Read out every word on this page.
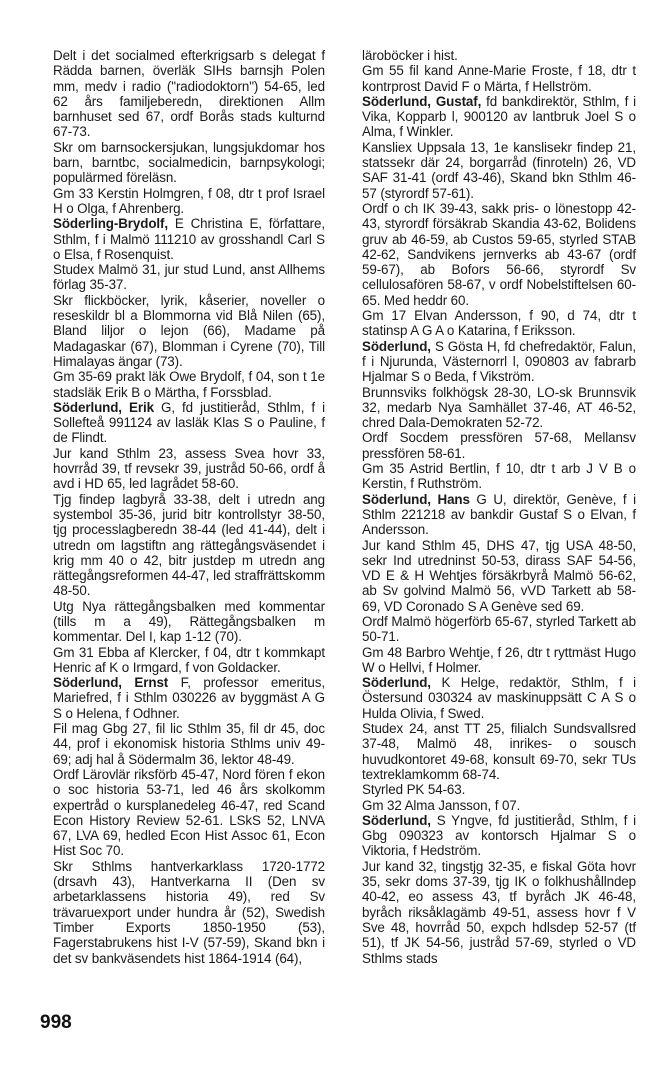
Delt i det socialmed efterkrigsarb s delegat f Rädda barnen, överläk SIHs barnsjh Polen mm, medv i radio ("radiodoktorn") 54-65, led 62 års familjeberedn, direktionen Allm barnhuset sed 67, ordf Borås stads kulturnd 67-73.

Skr om barnsockersjukan, lungsjukdomar hos barn, barntbc, socialmedicin, barnpsykologi; populärmed föreläsn.

Gm 33 Kerstin Holmgren, f 08, dtr t prof Israel H o Olga, f Ahrenberg.

Söderling-Brydolf, E Christina E, författare, Sthlm, f i Malmö 111210 av grosshandl Carl S o Elsa, f Rosenquist.

Studex Malmö 31, jur stud Lund, anst Allhems förlag 35-37.

Skr flickböcker, lyrik, kåserier, noveller o reseskildr bl a Blommorna vid Blå Nilen (65), Bland liljor o lejon (66), Madame på Madagaskar (67), Blomman i Cyrene (70), Till Himalayas ängar (73).

Gm 35-69 prakt läk Owe Brydolf, f 04, son t 1e stadsläk Erik B o Märtha, f Forssblad.

Söderlund, Erik G, fd justitieråd, Sthlm, f i Sollefteå 991124 av lasläk Klas S o Pauline, f de Flindt.

Jur kand Sthlm 23, assess Svea hovr 33, hovrråd 39, tf revsekr 39, justråd 50-66, ordf å avd i HD 65, led lagrådet 58-60.

Tjg findep lagbyrå 33-38, delt i utredn ang systembol 35-36, jurid bitr kontrollstyr 38-50, tjg processlagberedn 38-44 (led 41-44), delt i utredn om lagstiftn ang rättegångsväsendet i krig mm 40 o 42, bitr justdep m utredn ang rättegångsreformen 44-47, led straffrättskomm 48-50.

Utg Nya rättegångsbalken med kommentar (tills m a 49), Rättegångsbalken m kommentar. Del I, kap 1-12 (70).

Gm 31 Ebba af Klercker, f 04, dtr t kommkapt Henric af K o Irmgard, f von Goldacker.

Söderlund, Ernst F, professor emeritus, Mariefred, f i Sthlm 030226 av byggmäst A G S o Helena, f Odhner.

Fil mag Gbg 27, fil lic Sthlm 35, fil dr 45, doc 44, prof i ekonomisk historia Sthlms univ 49-69; adj hal å Södermalm 36, lektor 48-49.

Ordf Lärovlär riksförb 45-47, Nord fören f ekon o soc historia 53-71, led 46 års skolkomm expertråd o kursplanedeleg 46-47, red Scand Econ History Review 52-61. LSkS 52, LNVA 67, LVA 69, hedled Econ Hist Assoc 61, Econ Hist Soc 70.

Skr Sthlms hantverkarklass 1720-1772 (drsavh 43), Hantverkarna II (Den sv arbetarklassens historia 49), red Sv trävaruexport under hundra år (52), Swedish Timber Exports 1850-1950 (53), Fagerstabrukens hist I-V (57-59), Skand bkn i det sv bankväsendets hist 1864-1914 (64),

läroböcker i hist.

Gm 55 fil kand Anne-Marie Froste, f 18, dtr t kontrprost David F o Märta, f Hellström.

Söderlund, Gustaf, fd bankdirektör, Sthlm, f i Vika, Kopparb l, 900120 av lantbruk Joel S o Alma, f Winkler.

Kansliex Uppsala 13, 1e kanslisekr findep 21, statssekr där 24, borgarråd (finroteln) 26, VD SAF 31-41 (ordf 43-46), Skand bkn Sthlm 46-57 (styrordf 57-61).

Ordf o ch IK 39-43, sakk pris- o lönestopp 42-43, styrordf försäkrab Skandia 43-62, Bolidens gruv ab 46-59, ab Custos 59-65, styrled STAB 42-62, Sandvikens jernverks ab 43-67 (ordf 59-67), ab Bofors 56-66, styrordf Sv cellulosafören 58-67, v ordf Nobelstiftelsen 60-65. Med heddr 60.

Gm 17 Elvan Andersson, f 90, d 74, dtr t statinsp A G A o Katarina, f Eriksson.

Söderlund, S Gösta H, fd chefredaktör, Falun, f i Njurunda, Västernorrl l, 090803 av fabrarb Hjalmar S o Beda, f Vikström.

Brunnsviks folkhögsk 28-30, LO-sk Brunnsvik 32, medarb Nya Samhället 37-46, AT 46-52, chred Dala-Demokraten 52-72.

Ordf Socdem pressfören 57-68, Mellansv pressfören 58-61.

Gm 35 Astrid Bertlin, f 10, dtr t arb J V B o Kerstin, f Ruthström.

Söderlund, Hans G U, direktör, Genève, f i Sthlm 221218 av bankdir Gustaf S o Elvan, f Andersson.

Jur kand Sthlm 45, DHS 47, tjg USA 48-50, sekr Ind utredninst 50-53, dirass SAF 54-56, VD E & H Wehtjes försäkrbyrå Malmö 56-62, ab Sv golvind Malmö 56, vVD Tarkett ab 58-69, VD Coronado S A Genève sed 69.

Ordf Malmö högerförb 65-67, styrled Tarkett ab 50-71.

Gm 48 Barbro Wehtje, f 26, dtr t ryttmäst Hugo W o Hellvi, f Holmer.

Söderlund, K Helge, redaktör, Sthlm, f i Östersund 030324 av maskinuppsätt C A S o Hulda Olivia, f Swed.

Studex 24, anst TT 25, filialch Sundsvallsred 37-48, Malmö 48, inrikes- o sousch huvudkontoret 49-68, konsult 69-70, sekr TUs textreklamkomm 68-74.

Styrled PK 54-63.

Gm 32 Alma Jansson, f 07.

Söderlund, S Yngve, fd justitieråd, Sthlm, f i Gbg 090323 av kontorsch Hjalmar S o Viktoria, f Hedström.

Jur kand 32, tingstjg 32-35, e fiskal Göta hovr 35, sekr doms 37-39, tjg IK o folkhushållndep 40-42, eo assess 43, tf byråch JK 46-48, byråch riksåklagämb 49-51, assess hovr f V Sve 48, hovrråd 50, expch hdlsdep 52-57 (tf 51), tf JK 54-56, justråd 57-69, styrled o VD Sthlms stads

998
